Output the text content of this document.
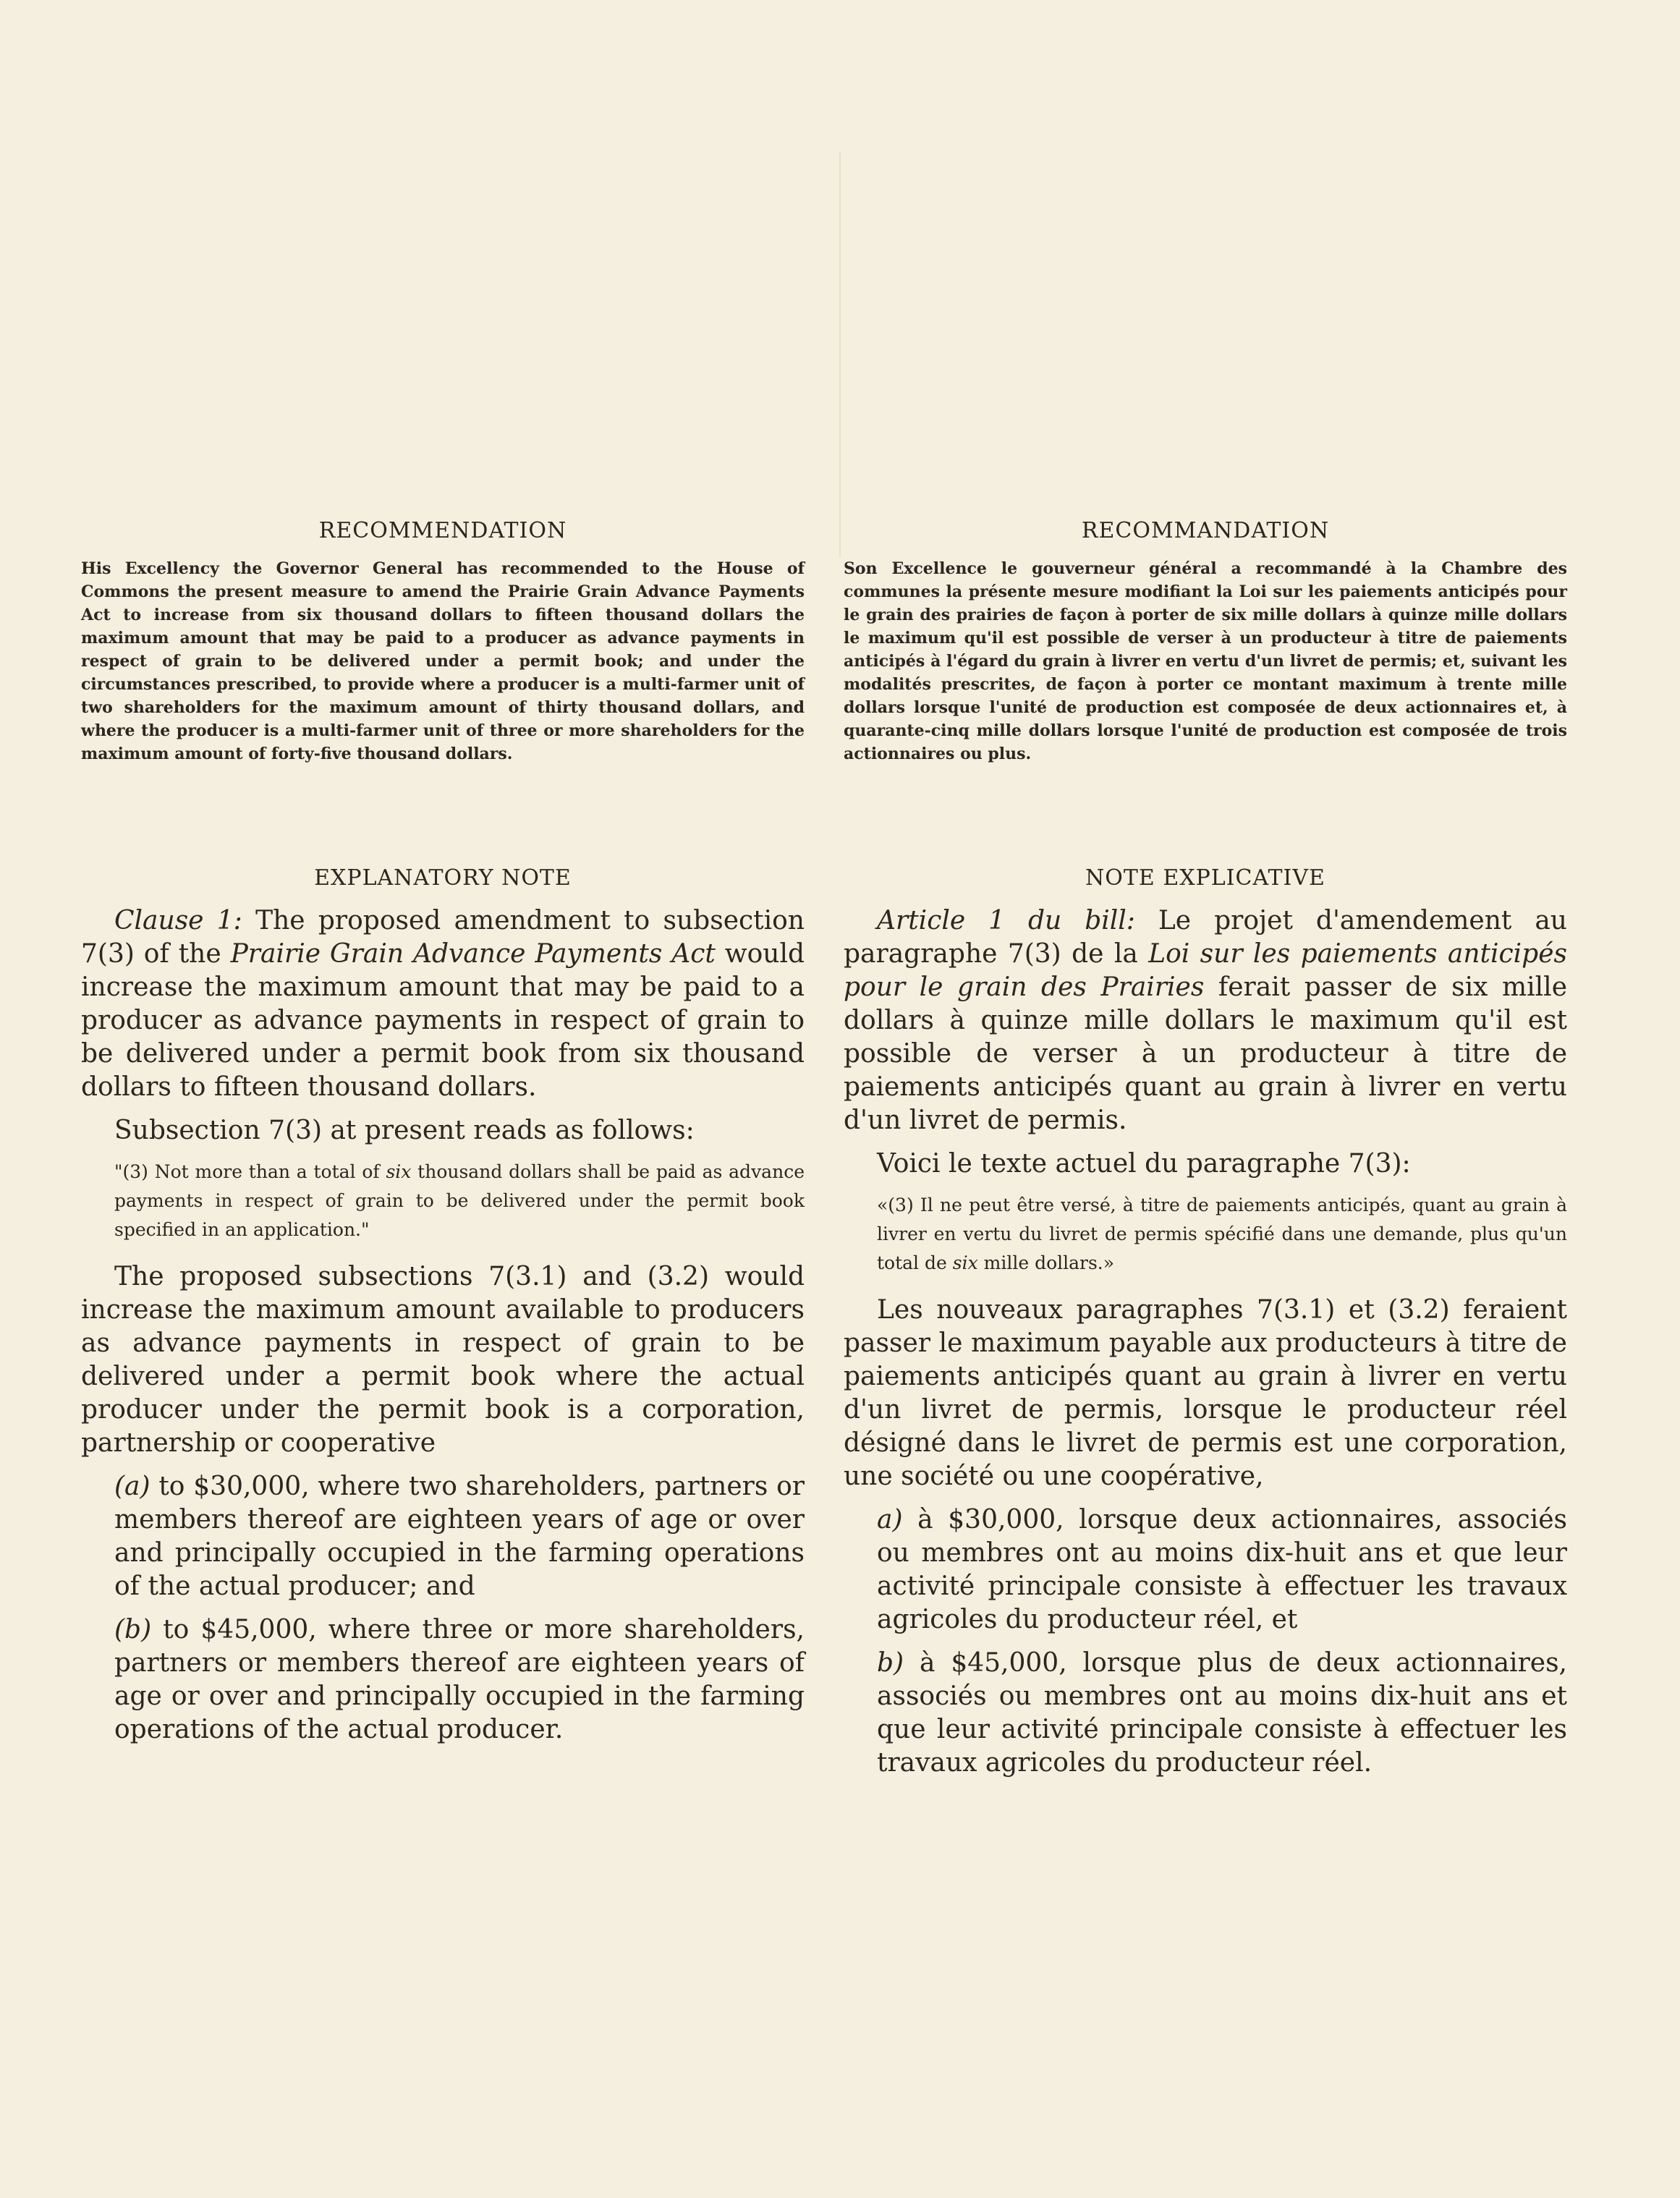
RECOMMENDATION

His Excellency the Governor General has recommended to the House of Commons the present measure to amend the Prairie Grain Advance Payments Act to increase from six thousand dollars to fifteen thousand dollars the maximum amount that may be paid to a producer as advance payments in respect of grain to be delivered under a permit book; and under the circumstances prescribed, to provide where a producer is a multi-farmer unit of two shareholders for the maximum amount of thirty thousand dollars, and where the producer is a multi-farmer unit of three or more shareholders for the maximum amount of forty-five thousand dollars.

RECOMMANDATION

Son Excellence le gouverneur général a recommandé à la Chambre des communes la présente mesure modifiant la Loi sur les paiements anticipés pour le grain des prairies de façon à porter de six mille dollars à quinze mille dollars le maximum qu'il est possible de verser à un producteur à titre de paiements anticipés à l'égard du grain à livrer en vertu d'un livret de permis; et, suivant les modalités prescrites, de façon à porter ce montant maximum à trente mille dollars lorsque l'unité de production est composée de deux actionnaires et, à quarante-cinq mille dollars lorsque l'unité de production est composée de trois actionnaires ou plus.

EXPLANATORY NOTE

Clause 1: The proposed amendment to subsection 7(3) of the Prairie Grain Advance Payments Act would increase the maximum amount that may be paid to a producer as advance payments in respect of grain to be delivered under a permit book from six thousand dollars to fifteen thousand dollars.

Subsection 7(3) at present reads as follows:

"(3) Not more than a total of six thousand dollars shall be paid as advance payments in respect of grain to be delivered under the permit book specified in an application."

The proposed subsections 7(3.1) and (3.2) would increase the maximum amount available to producers as advance payments in respect of grain to be delivered under a permit book where the actual producer under the permit book is a corporation, partnership or cooperative

(a) to $30,000, where two shareholders, partners or members thereof are eighteen years of age or over and principally occupied in the farming operations of the actual producer; and

(b) to $45,000, where three or more shareholders, partners or members thereof are eighteen years of age or over and principally occupied in the farming operations of the actual producer.

NOTE EXPLICATIVE

Article 1 du bill: Le projet d'amendement au paragraphe 7(3) de la Loi sur les paiements anticipés pour le grain des Prairies ferait passer de six mille dollars à quinze mille dollars le maximum qu'il est possible de verser à un producteur à titre de paiements anticipés quant au grain à livrer en vertu d'un livret de permis.

Voici le texte actuel du paragraphe 7(3):

«(3) Il ne peut être versé, à titre de paiements anticipés, quant au grain à livrer en vertu du livret de permis spécifié dans une demande, plus qu'un total de six mille dollars.»

Les nouveaux paragraphes 7(3.1) et (3.2) feraient passer le maximum payable aux producteurs à titre de paiements anticipés quant au grain à livrer en vertu d'un livret de permis, lorsque le producteur réel désigné dans le livret de permis est une corporation, une société ou une coopérative,

a) à $30,000, lorsque deux actionnaires, associés ou membres ont au moins dix-huit ans et que leur activité principale consiste à effectuer les travaux agricoles du producteur réel, et

b) à $45,000, lorsque plus de deux actionnaires, associés ou membres ont au moins dix-huit ans et que leur activité principale consiste à effectuer les travaux agricoles du producteur réel.
